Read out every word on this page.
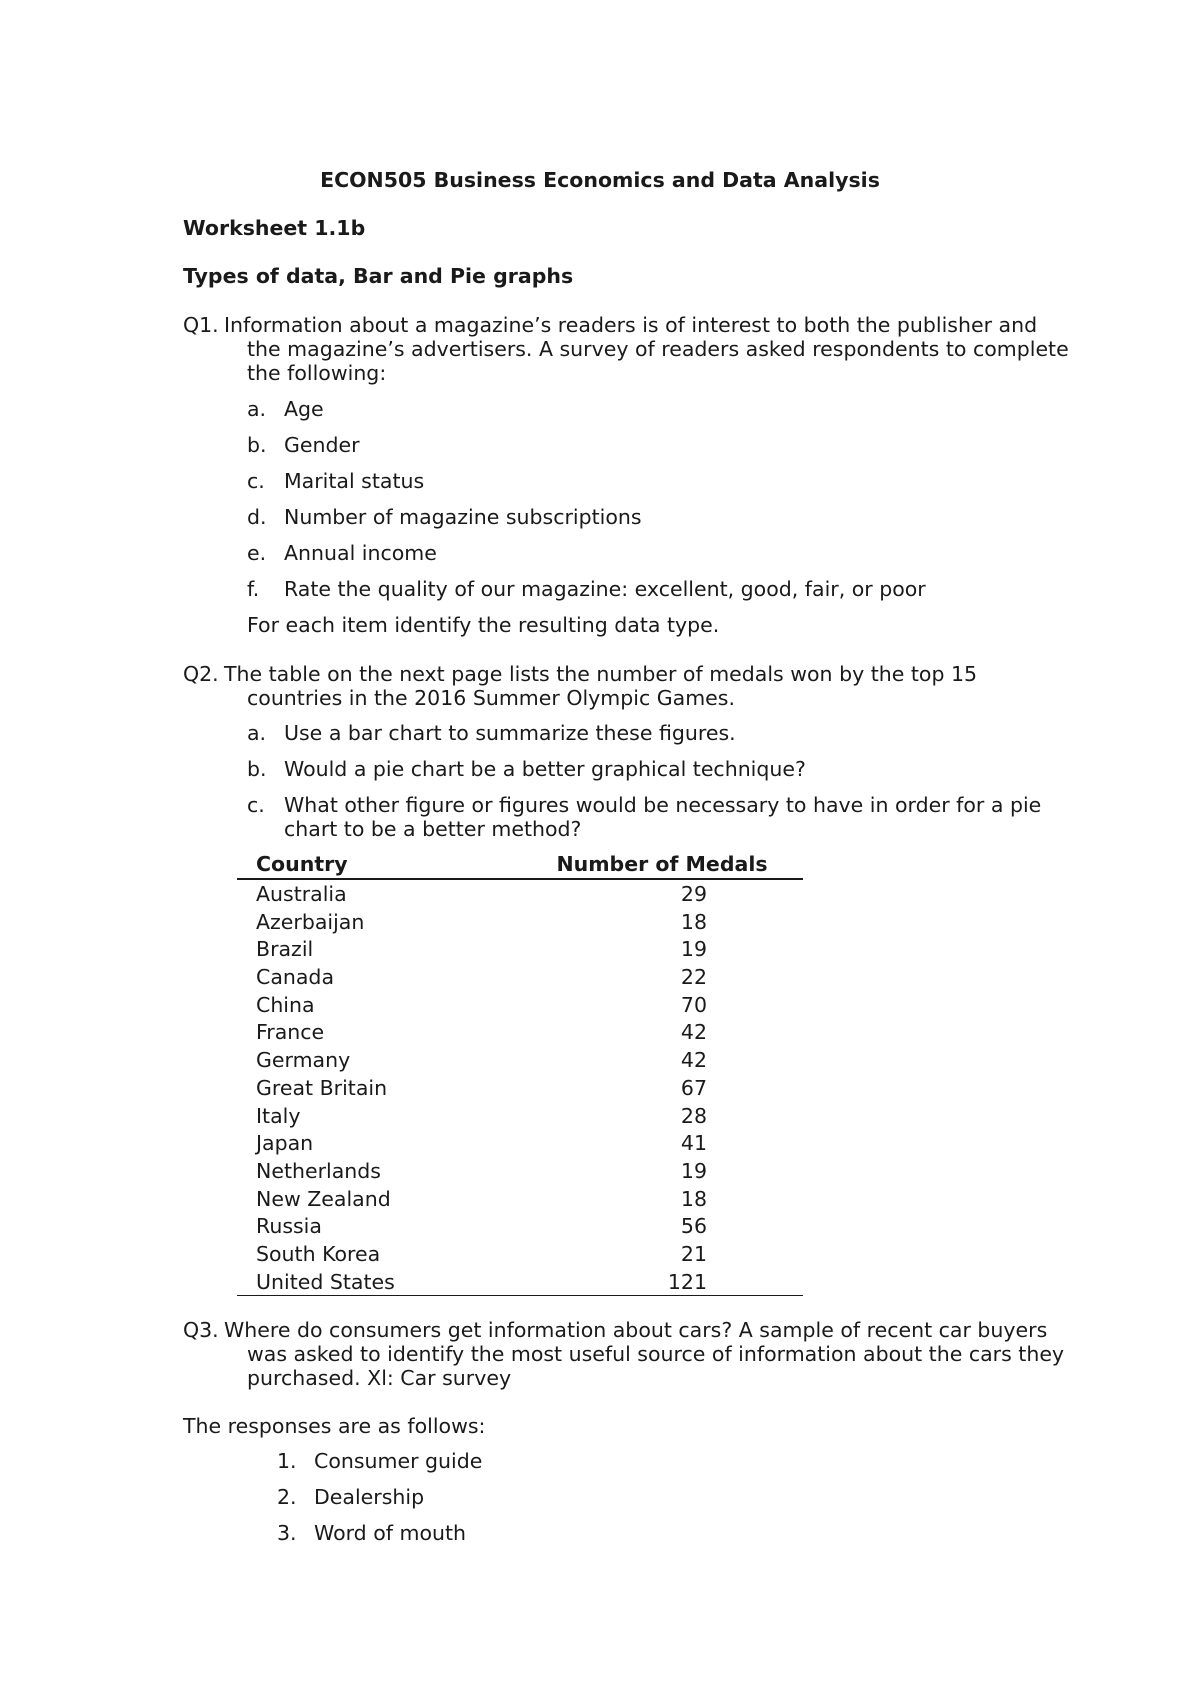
ECON505 Business Economics and Data Analysis
Worksheet 1.1b
Types of data, Bar and Pie graphs
Q1. Information about a magazine’s readers is of interest to both the publisher and
the magazine’s advertisers. A survey of readers asked respondents to complete
the following:
a. Age
b. Gender
c. Marital status
d. Number of magazine subscriptions
e. Annual income
f.	Rate the quality of our magazine: excellent, good, fair, or poor
For each item identify the resulting data type.
Q2. The table on the next page lists the number of medals won by the top 15
countries in the 2016 Summer Olympic Games.
a. Use a bar chart to summarize these figures.
b. Would a pie chart be a better graphical technique?
c. What other figure or figures would be necessary to have in order for a pie
chart to be a better method?
Country	Number of Medals
Australia	29
Azerbaijan	18
Brazil	19
Canada	22
China	70
France	42
Germany	42
Great Britain	67
Italy	28
Japan	41
Netherlands	19
New Zealand	18
Russia	56
South Korea	21
United States	121
Q3. Where do consumers get information about cars? A sample of recent car buyers
was asked to identify the most useful source of information about the cars they
purchased. Xl: Car survey
The responses are as follows:
1. Consumer guide
2. Dealership
3. Word of mouth
